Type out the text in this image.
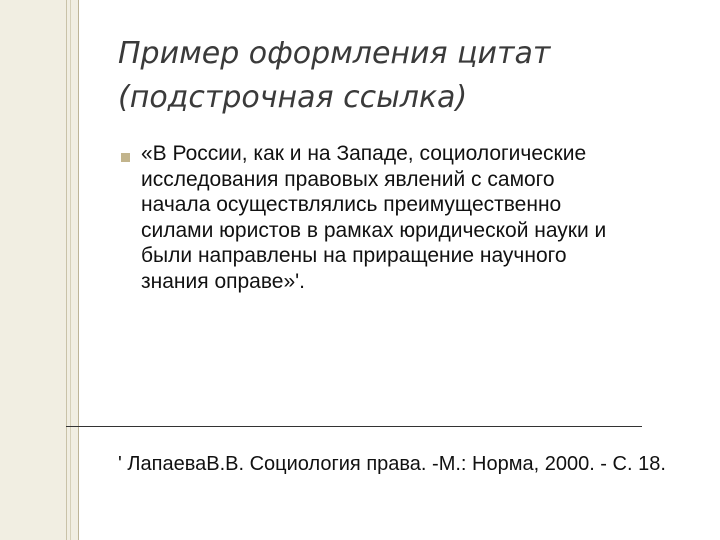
Пример оформления цитат
(подстрочная ссылка)
«В России, как и на Западе, социологические
исследования правовых явлений с самого
начала осуществлялись преимущественно
силами юристов в рамках юридической науки и
были направлены на приращение научного
знания оправе»'.
' ЛапаеваВ.В. Социология права. -М.: Норма, 2000. - С. 18.
